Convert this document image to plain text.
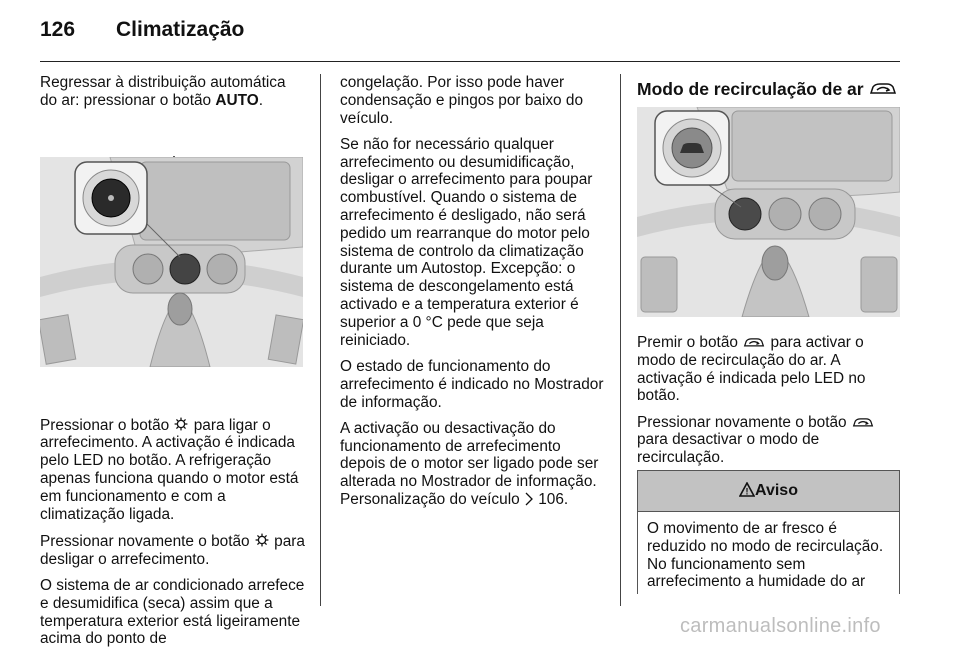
126 Climatização

Regressar à distribuição automática do ar: pressionar o botão AUTO.

Pressionar o botão  para ligar o arrefecimento. A activação é indicada pelo LED no botão. A refrigeração apenas funciona quando o motor está em funcionamento e com a climatização ligada.

Pressionar novamente o botão  para desligar o arrefecimento.

O sistema de ar condicionado arrefece e desumidifica (seca) assim que a temperatura exterior está ligeiramente acima do ponto de

congelação. Por isso pode haver condensação e pingos por baixo do veículo.

Se não for necessário qualquer arrefecimento ou desumidificação, desligar o arrefecimento para poupar combustível. Quando o sistema de arrefecimento é desligado, não será pedido um rearranque do motor pelo sistema de controlo da climatização durante um Autostop. Excepção: o sistema de descongelamento está activado e a temperatura exterior é superior a 0 °C pede que seja reiniciado.

O estado de funcionamento do arrefecimento é indicado no Mostrador de informação.

A activação ou desactivação do funcionamento de arrefecimento depois de o motor ser ligado pode ser alterada no Mostrador de informação. Personalização do veículo  106.

Modo de recirculação de ar

Premir o botão  para activar o modo de recirculação do ar. A activação é indicada pelo LED no botão.

Pressionar novamente o botão  para desactivar o modo de recirculação.

! Aviso
O movimento de ar fresco é reduzido no modo de recirculação. No funcionamento sem arrefecimento a humidade do ar
carmanualsonline.info
